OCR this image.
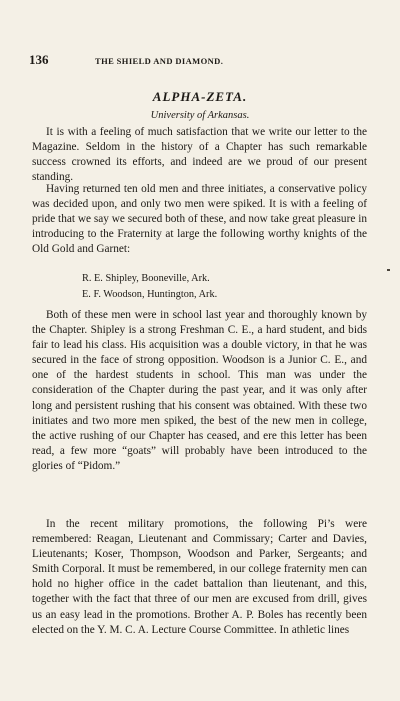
136	THE SHIELD AND DIAMOND.
ALPHA-ZETA.
University of Arkansas.

It is with a feeling of much satisfaction that we write our letter to the Magazine. Seldom in the history of a Chapter has such remarkable success crowned its efforts, and indeed are we proud of our present standing.

Having returned ten old men and three initiates, a conservative policy was decided upon, and only two men were spiked. It is with a feeling of pride that we say we secured both of these, and now take great pleasure in introducing to the Fraternity at large the following worthy knights of the Old Gold and Garnet:

R. E. Shipley, Booneville, Ark.
E. F. Woodson, Huntington, Ark.

Both of these men were in school last year and thoroughly known by the Chapter. Shipley is a strong Freshman C. E., a hard student, and bids fair to lead his class. His acquisition was a double victory, in that he was secured in the face of strong opposition. Woodson is a Junior C. E., and one of the hardest students in school. This man was under the consideration of the Chapter during the past year, and it was only after long and persistent rushing that his consent was obtained. With these two initiates and two more men spiked, the best of the new men in college, the active rushing of our Chapter has ceased, and ere this letter has been read, a few more “goats” will probably have been introduced to the glories of “Pidom.”

In the recent military promotions, the following Pi’s were remembered: Reagan, Lieutenant and Commissary; Carter and Davies, Lieutenants; Koser, Thompson, Woodson and Parker, Sergeants; and Smith Corporal. It must be remembered, in our college fraternity men can hold no higher office in the cadet battalion than lieutenant, and this, together with the fact that three of our men are excused from drill, gives us an easy lead in the promotions. Brother A. P. Boles has recently been elected on the Y. M. C. A. Lecture Course Committee. In athletic lines
